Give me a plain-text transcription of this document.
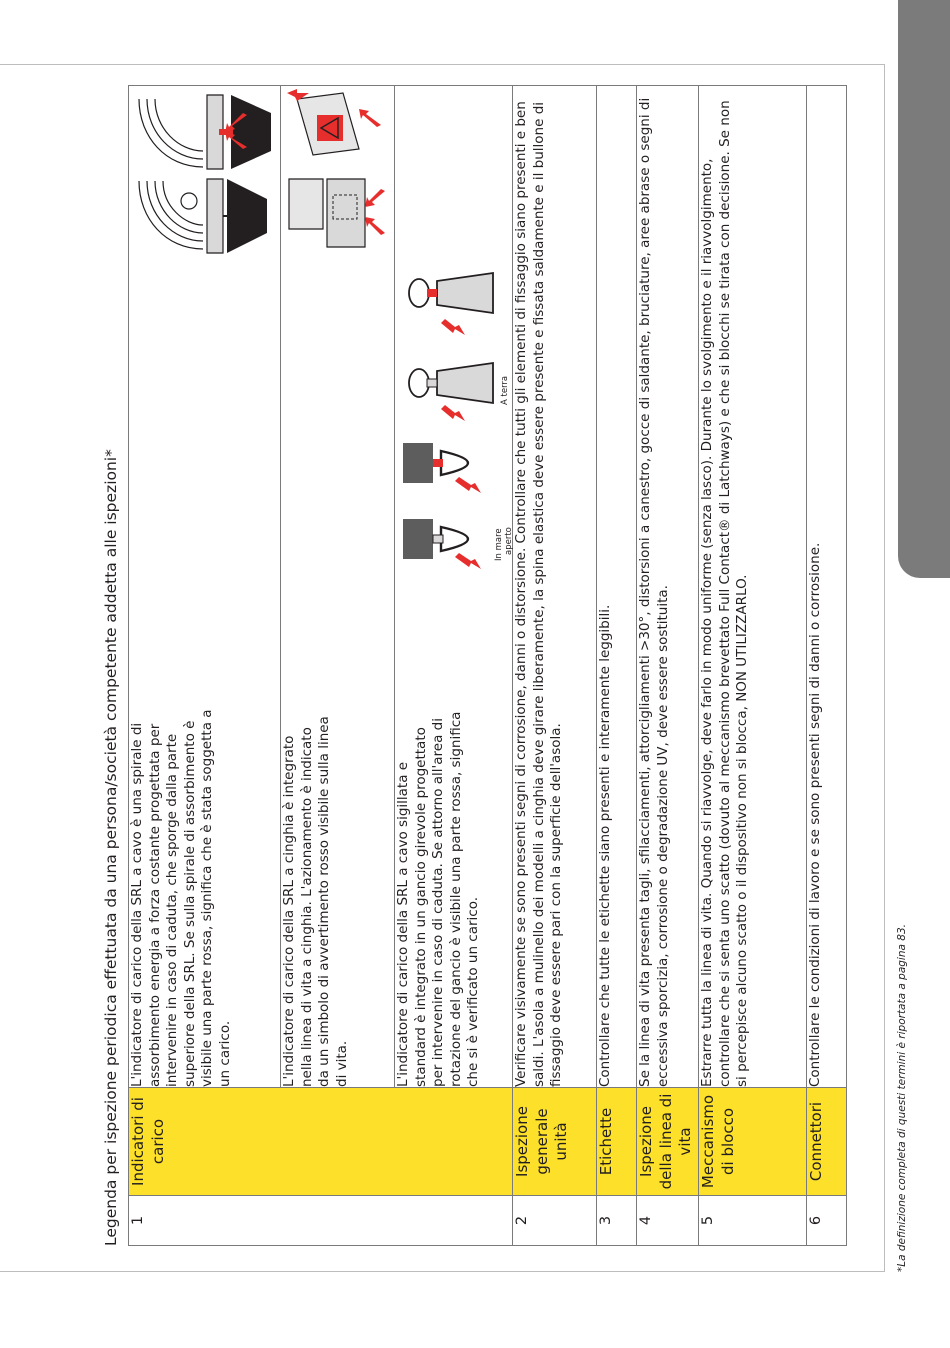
Legenda per ispezione periodica effettuata da una persona/società competente addetta alle ispezioni* 1	Indicatori di carico	L'indicatore di carico della SRL a cavo è una spirale di assorbimento energia a forza costante progettata per intervenire in caso di caduta, che sporge dalla parte superiore della SRL. Se sulla spirale di assorbimento è visibile una parte rossa, significa che è stata soggetta a un carico.

		L'indicatore di carico della SRL a cinghia è integrato nella linea di vita a cinghia. L'azionamento è indicato da un simbolo di avvertimento rosso visibile sulla linea di vita.

		L'indicatore di carico della SRL a cavo sigillata e standard è integrato in un gancio girevole progettato per intervenire in caso di caduta. Se attorno all'area di rotazione del gancio è visibile una parte rossa, significa che si è verificato un carico.
In mare aperto
A terra

2	Ispezione generale unità	Verificare visivamente se sono presenti segni di corrosione, danni o distorsione. Controllare che tutti gli elementi di fissaggio siano presenti e ben saldi. L'asola a mulinello dei modelli a cinghia deve girare liberamente, la spina elastica deve essere presente e fissata saldamente e il bullone di fissaggio deve essere pari con la superficie dell'asola.
3	Etichette	Controllare che tutte le etichette siano presenti e interamente leggibili.
4	Ispezione della linea di vita	Se la linea di vita presenta tagli, sfilacciamenti, attorcigliamenti >30°, distorsioni a canestro, gocce di saldante, bruciature, aree abrase o segni di eccessiva sporcizia, corrosione o degradazione UV, deve essere sostituita.
5	Meccanismo di blocco	Estrarre tutta la linea di vita. Quando si riavvolge, deve farlo in modo uniforme (senza lasco). Durante lo svolgimento e il riavvolgimento, controllare che si senta uno scatto (dovuto al meccanismo brevettato Full Contact® di Latchways) e che si blocchi se tirata con decisione. Se non si percepisce alcuno scatto o il dispositivo non si blocca, NON UTILIZZARLO.
6	Connettori	Controllare le condizioni di lavoro e se sono presenti segni di danni o corrosione.
*La definizione completa di questi termini è riportata a pagina 83.
